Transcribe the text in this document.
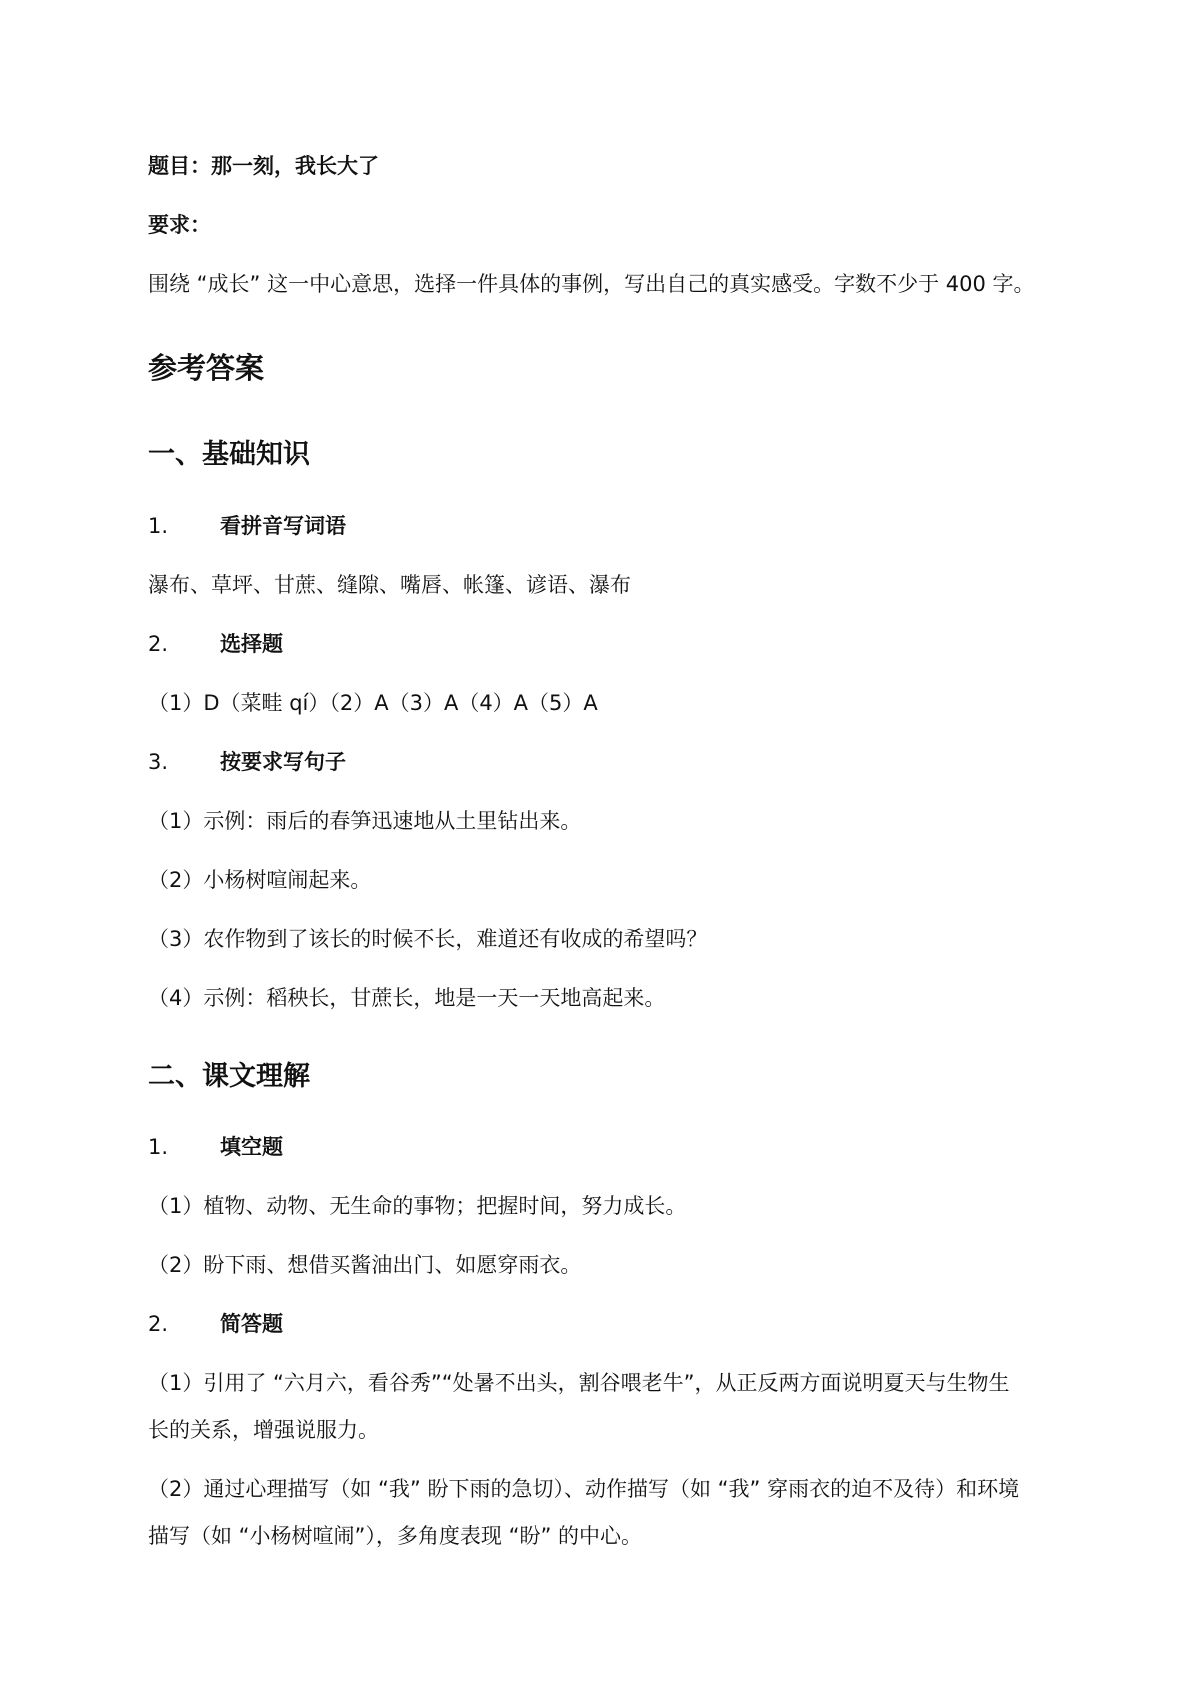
题目：那一刻，我长大了
要求：
围绕 “成长” 这一中心意思，选择一件具体的事例，写出自己的真实感受。字数不少于 400 字。
参考答案
一、基础知识
1. 看拼音写词语
瀑布、草坪、甘蔗、缝隙、嘴唇、帐篷、谚语、瀑布
2. 选择题
（1）D（菜畦 qí）（2）A（3）A（4）A（5）A
3. 按要求写句子
（1）示例：雨后的春笋迅速地从土里钻出来。
（2）小杨树喧闹起来。
（3）农作物到了该长的时候不长，难道还有收成的希望吗？
（4）示例：稻秧长，甘蔗长，地是一天一天地高起来。
二、课文理解
1. 填空题
（1）植物、动物、无生命的事物；把握时间，努力成长。
（2）盼下雨、想借买酱油出门、如愿穿雨衣。
2. 简答题
（1）引用了 “六月六，看谷秀”“处暑不出头，割谷喂老牛”，从正反两方面说明夏天与生物生
长的关系，增强说服力。
（2）通过心理描写（如 “我” 盼下雨的急切）、动作描写（如 “我” 穿雨衣的迫不及待）和环境
描写（如 “小杨树喧闹”），多角度表现 “盼” 的中心。
